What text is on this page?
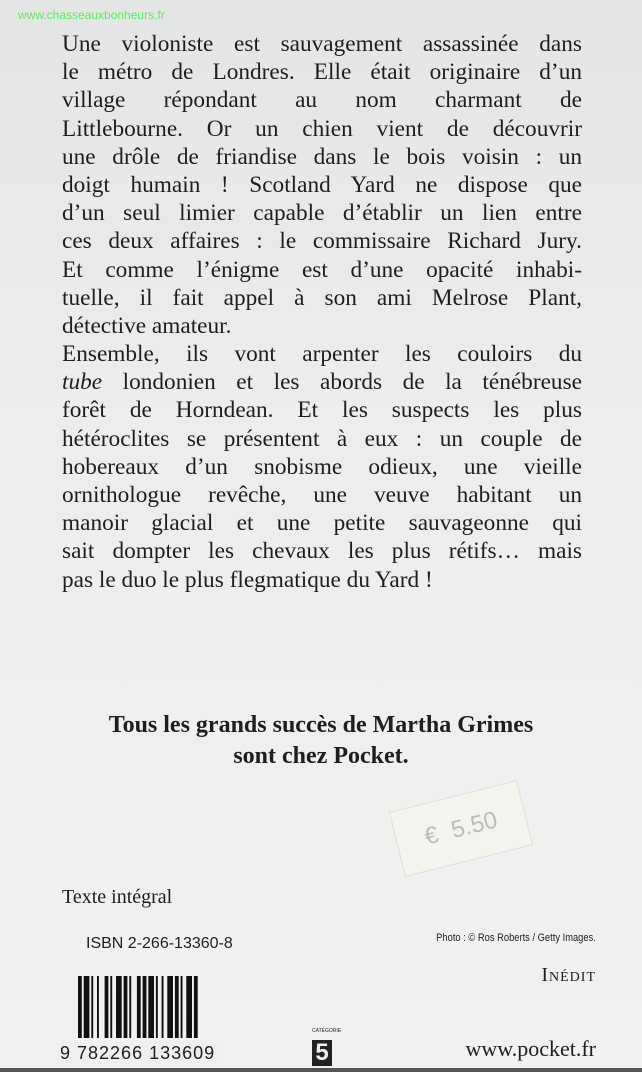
www.chasseauxbonheurs.fr
Une violoniste est sauvagement assassinée dans
le métro de Londres. Elle était originaire d’un
village répondant au nom charmant de
Littlebourne. Or un chien vient de découvrir
une drôle de friandise dans le bois voisin : un
doigt humain ! Scotland Yard ne dispose que
d’un seul limier capable d’établir un lien entre
ces deux affaires : le commissaire Richard Jury.
Et comme l’énigme est d’une opacité inhabi-
tuelle, il fait appel à son ami Melrose Plant,
détective amateur.
Ensemble, ils vont arpenter les couloirs du
tube londonien et les abords de la ténébreuse
forêt de Horndean. Et les suspects les plus
hétéroclites se présentent à eux : un couple de
hobereaux d’un snobisme odieux, une vieille
ornithologue revêche, une veuve habitant un
manoir glacial et une petite sauvageonne qui
sait dompter les chevaux les plus rétifs… mais
pas le duo le plus flegmatique du Yard !
Tous les grands succès de Martha Grimes
sont chez Pocket.
€ 5.50
Texte intégral
ISBN 2-266-13360-8
9 782266 133609
CATÉGORIE
5
Photo : © Ros Roberts / Getty Images.
Inédit
www.pocket.fr
